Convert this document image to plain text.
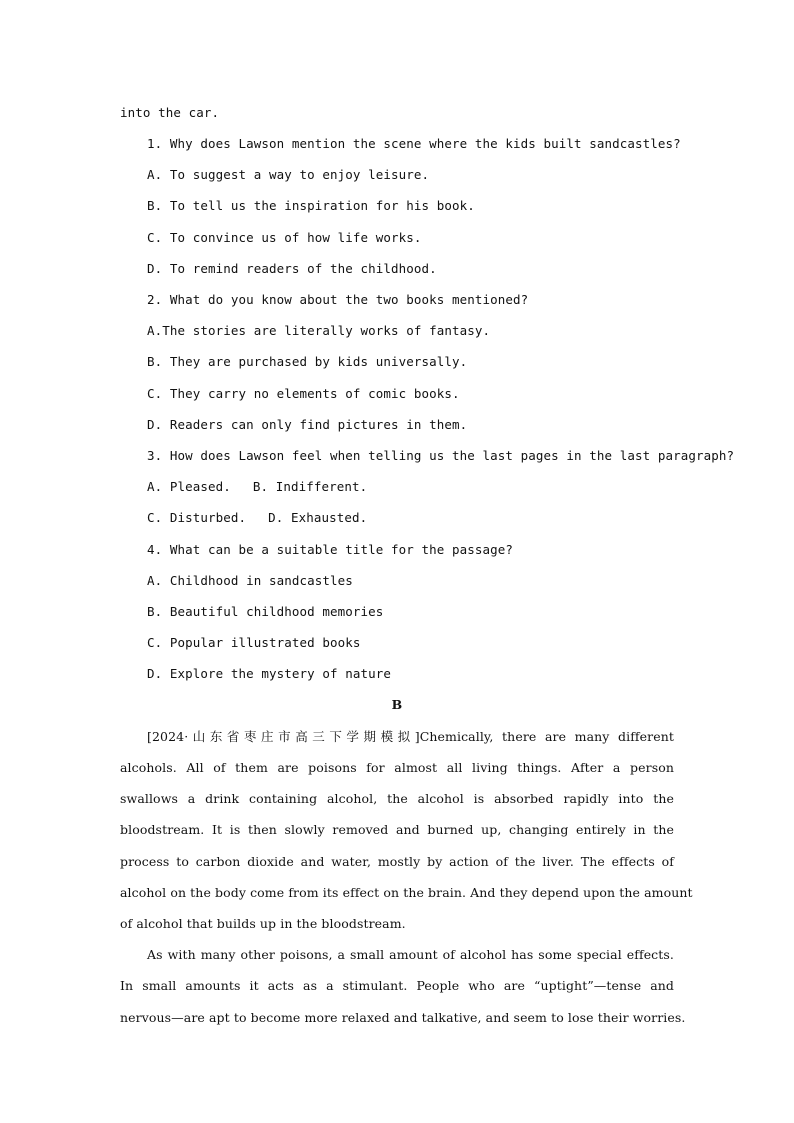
into the car.
1. Why does Lawson mention the scene where the kids built sandcastles?
A. To suggest a way to enjoy leisure.
B. To tell us the inspiration for his book.
C. To convince us of how life works.
D. To remind readers of the childhood.
2. What do you know about the two books mentioned?
A.The stories are literally works of fantasy.
B. They are purchased by kids universally.
C. They carry no elements of comic books.
D. Readers can only find pictures in them.
3. How does Lawson feel when telling us the last pages in the last paragraph?
A. Pleased. B. Indifferent.
C. Disturbed. D. Exhausted.
4. What can be a suitable title for the passage?
A. Childhood in sandcastles
B. Beautiful childhood memories
C. Popular illustrated books
D. Explore the mystery of nature
B
[2024·山东省枣庄市高三下学期模拟]Chemically, there are many different
alcohols. All of them are poisons for almost all living things. After a person
swallows a drink containing alcohol, the alcohol is absorbed rapidly into the
bloodstream. It is then slowly removed and burned up, changing entirely in the
process to carbon dioxide and water, mostly by action of the liver. The effects of
alcohol on the body come from its effect on the brain. And they depend upon the amount
of alcohol that builds up in the bloodstream.
As with many other poisons, a small amount of alcohol has some special effects.
In small amounts it acts as a stimulant. People who are “uptight”—tense and
nervous—are apt to become more relaxed and talkative, and seem to lose their worries.
